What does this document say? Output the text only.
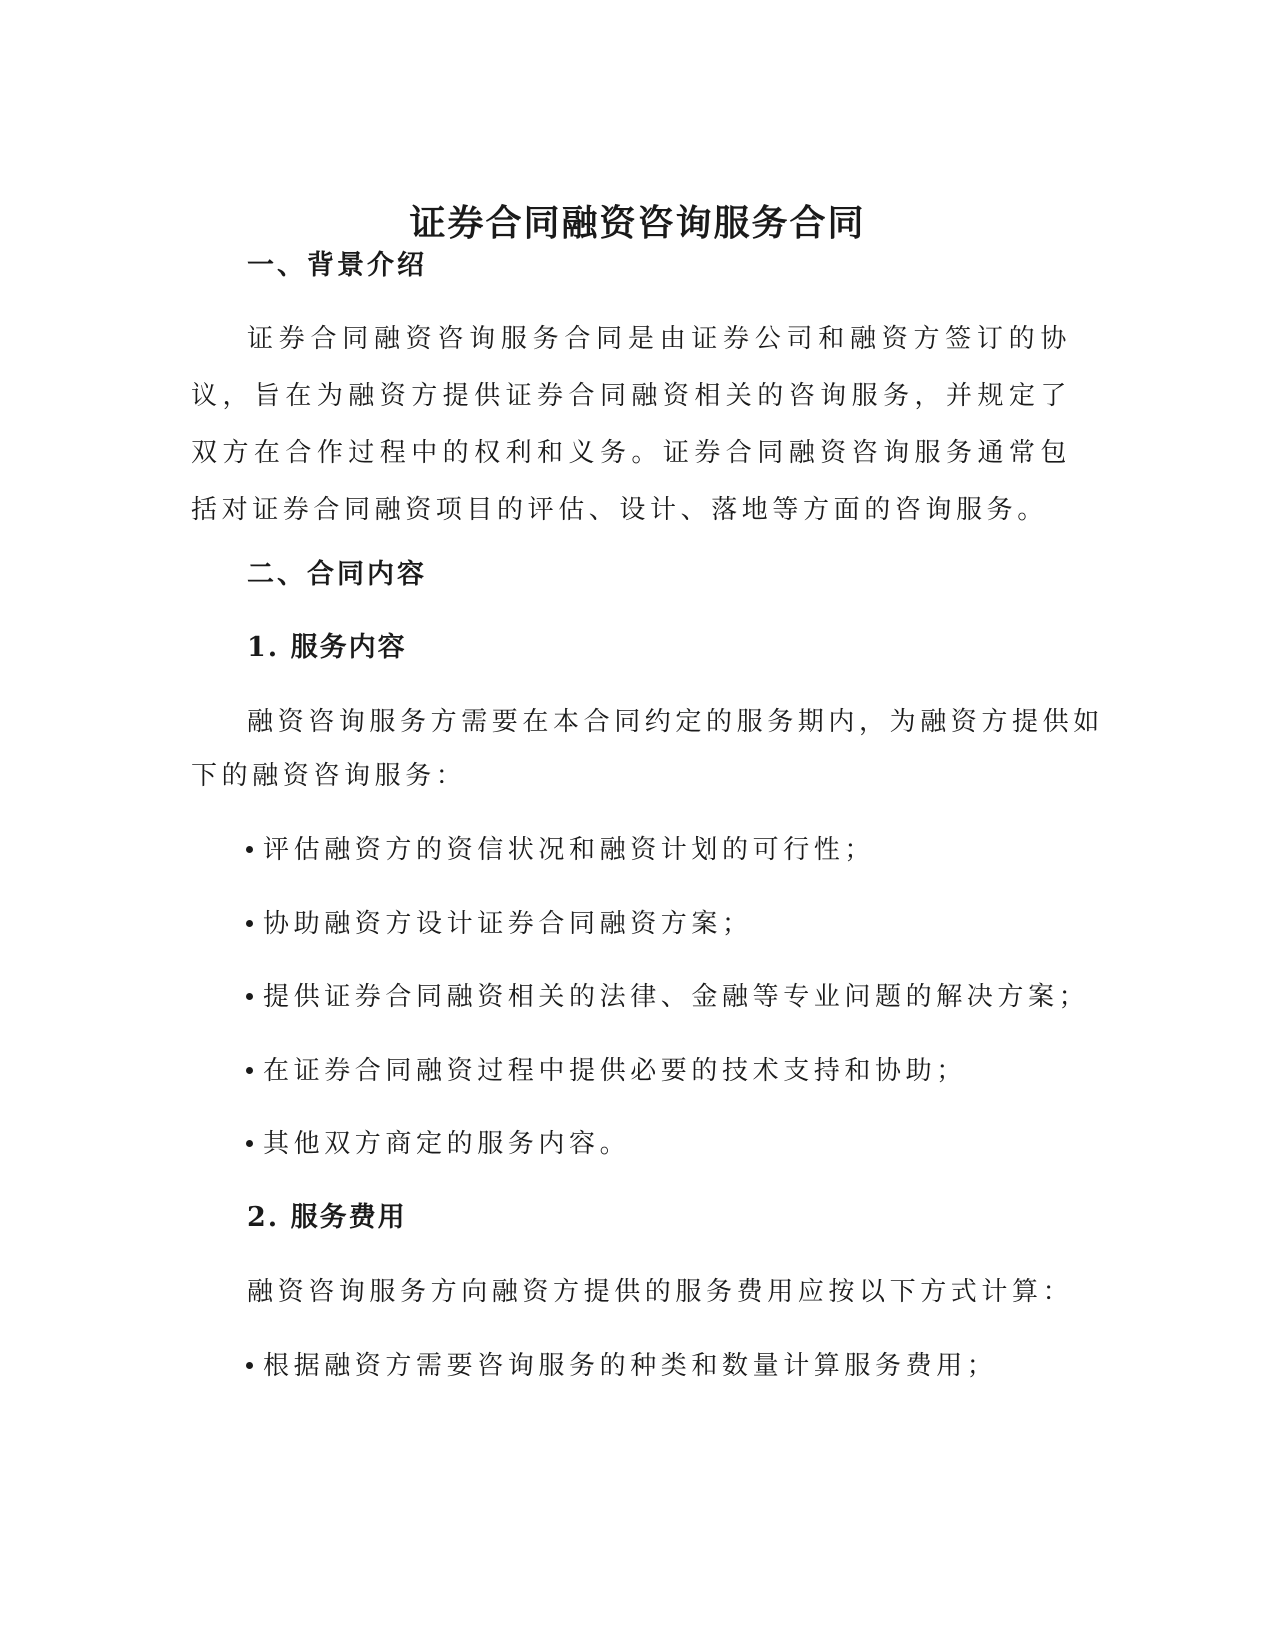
证券合同融资咨询服务合同
一、背景介绍
证券合同融资咨询服务合同是由证券公司和融资方签订的协议，旨在为融资方提供证券合同融资相关的咨询服务，并规定了双方在合作过程中的权利和义务。证券合同融资咨询服务通常包括对证券合同融资项目的评估、设计、落地等方面的咨询服务。
二、合同内容
1. 服务内容
融资咨询服务方需要在本合同约定的服务期内，为融资方提供如
下的融资咨询服务：
评估融资方的资信状况和融资计划的可行性；
协助融资方设计证券合同融资方案；
提供证券合同融资相关的法律、金融等专业问题的解决方案；
在证券合同融资过程中提供必要的技术支持和协助；
其他双方商定的服务内容。
2. 服务费用
融资咨询服务方向融资方提供的服务费用应按以下方式计算：
根据融资方需要咨询服务的种类和数量计算服务费用；
